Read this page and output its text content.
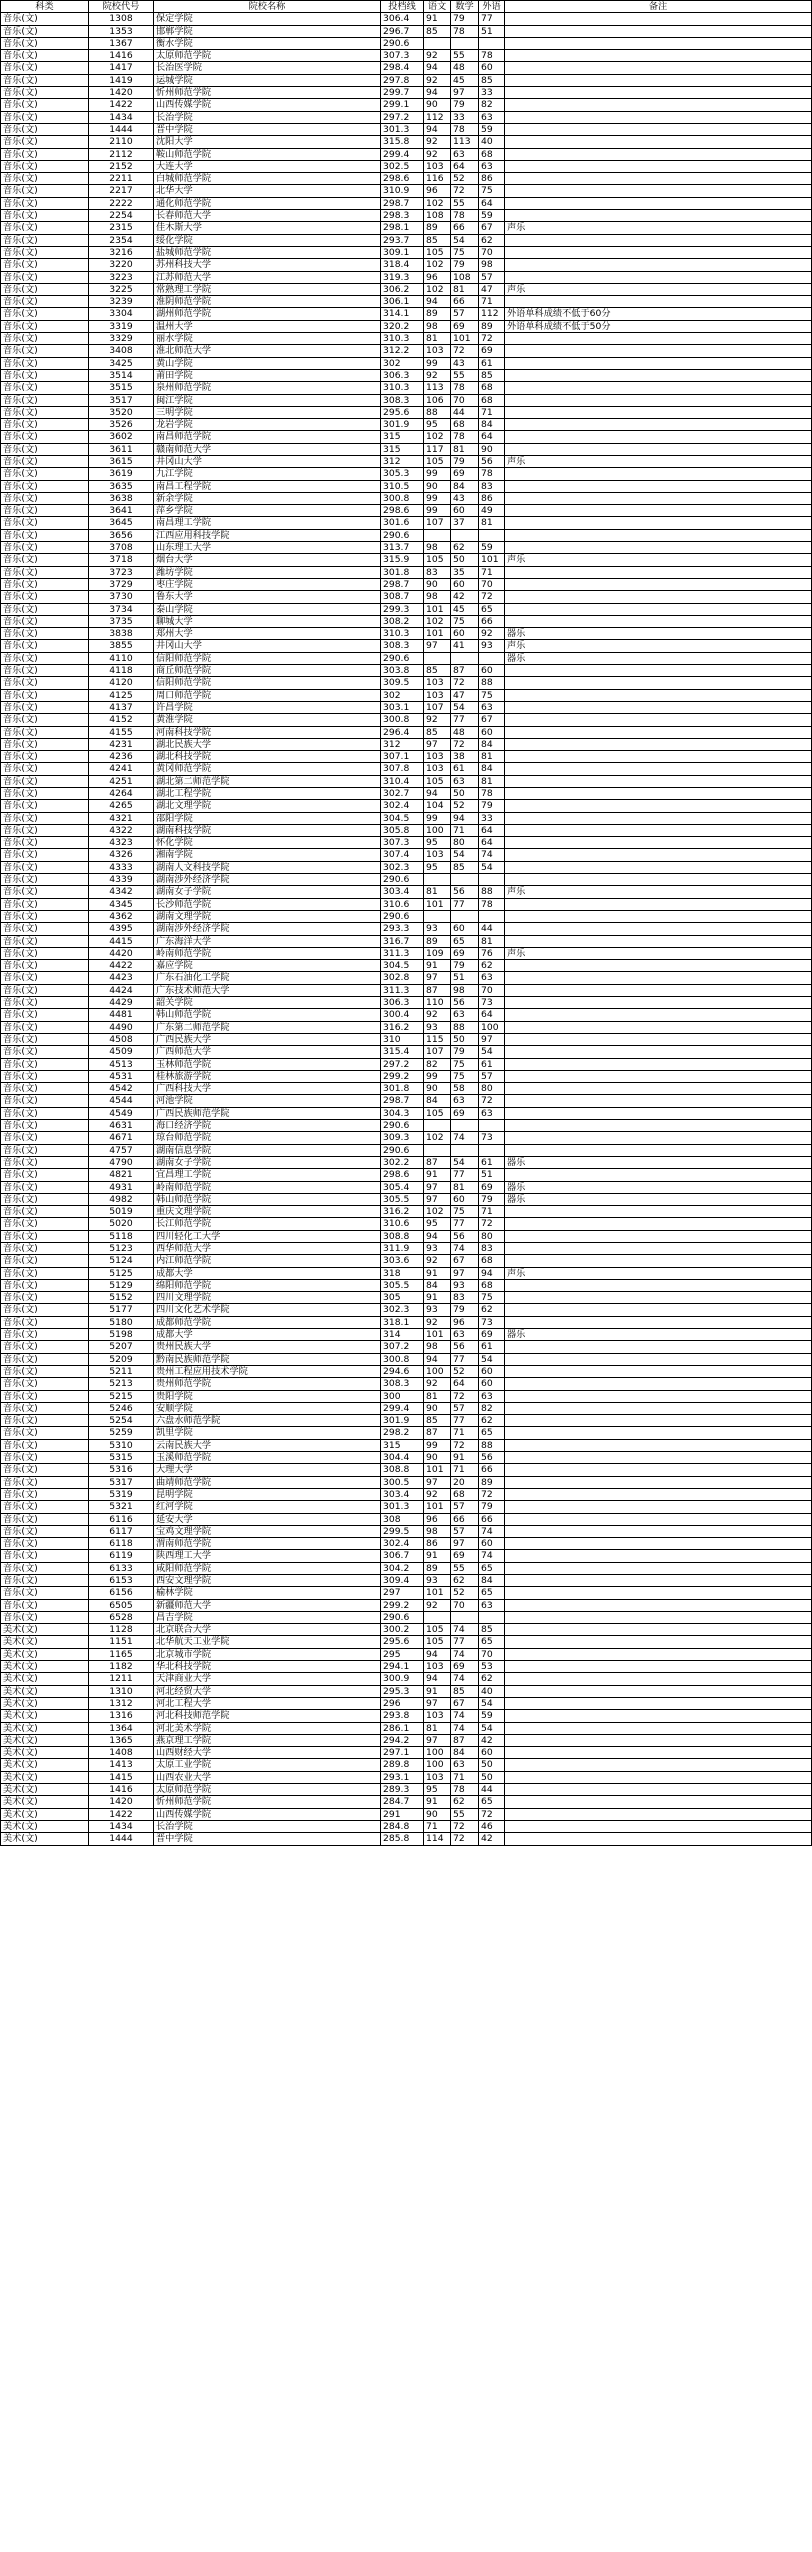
科类	院校代号	院校名称	投档线	语文	数学	外语	备注
音乐(文)	1308	保定学院	306.4	91	79	77	
音乐(文)	1353	邯郸学院	296.7	85	78	51	
音乐(文)	1367	衡水学院	290.6				
音乐(文)	1416	太原师范学院	307.3	92	55	78	
音乐(文)	1417	长治医学院	298.4	94	48	60	
音乐(文)	1419	运城学院	297.8	92	45	85	
音乐(文)	1420	忻州师范学院	299.7	94	97	33	
音乐(文)	1422	山西传媒学院	299.1	90	79	82	
音乐(文)	1434	长治学院	297.2	112	33	63	
音乐(文)	1444	晋中学院	301.3	94	78	59	
音乐(文)	2110	沈阳大学	315.8	92	113	40	
音乐(文)	2112	鞍山师范学院	299.4	92	63	68	
音乐(文)	2152	大连大学	302.5	103	64	63	
音乐(文)	2211	白城师范学院	298.6	116	52	86	
音乐(文)	2217	北华大学	310.9	96	72	75	
音乐(文)	2222	通化师范学院	298.7	102	55	64	
音乐(文)	2254	长春师范大学	298.3	108	78	59	
音乐(文)	2315	佳木斯大学	298.1	89	66	67	声乐
音乐(文)	2354	绥化学院	293.7	85	54	62	
音乐(文)	3216	盐城师范学院	309.1	105	75	70	
音乐(文)	3220	苏州科技大学	318.4	102	79	98	
音乐(文)	3223	江苏师范大学	319.3	96	108	57	
音乐(文)	3225	常熟理工学院	306.2	102	81	47	声乐
音乐(文)	3239	淮阴师范学院	306.1	94	66	71	
音乐(文)	3304	湖州师范学院	314.1	89	57	112	外语单科成绩不低于60分
音乐(文)	3319	温州大学	320.2	98	69	89	外语单科成绩不低于50分
音乐(文)	3329	丽水学院	310.3	81	101	72	
音乐(文)	3408	淮北师范大学	312.2	103	72	69	
音乐(文)	3425	黄山学院	302	99	43	61	
音乐(文)	3514	莆田学院	306.3	92	55	85	
音乐(文)	3515	泉州师范学院	310.3	113	78	68	
音乐(文)	3517	闽江学院	308.3	106	70	68	
音乐(文)	3520	三明学院	295.6	88	44	71	
音乐(文)	3526	龙岩学院	301.9	95	68	84	
音乐(文)	3602	南昌师范学院	315	102	78	64	
音乐(文)	3611	赣南师范大学	315	117	81	90	
音乐(文)	3615	井冈山大学	312	105	79	56	声乐
音乐(文)	3619	九江学院	305.3	99	69	78	
音乐(文)	3635	南昌工程学院	310.5	90	84	83	
音乐(文)	3638	新余学院	300.8	99	43	86	
音乐(文)	3641	萍乡学院	298.6	99	60	49	
音乐(文)	3645	南昌理工学院	301.6	107	37	81	
音乐(文)	3656	江西应用科技学院	290.6				
音乐(文)	3708	山东理工大学	313.7	98	62	59	
音乐(文)	3718	烟台大学	315.9	105	50	101	声乐
音乐(文)	3723	潍坊学院	301.8	83	35	71	
音乐(文)	3729	枣庄学院	298.7	90	60	70	
音乐(文)	3730	鲁东大学	308.7	98	42	72	
音乐(文)	3734	泰山学院	299.3	101	45	65	
音乐(文)	3735	聊城大学	308.2	102	75	66	
音乐(文)	3838	郑州大学	310.3	101	60	92	器乐
音乐(文)	3855	井冈山大学	308.3	97	41	93	声乐
音乐(文)	4110	信阳师范学院	290.6				器乐
音乐(文)	4118	商丘师范学院	303.8	85	87	60	
音乐(文)	4120	信阳师范学院	309.5	103	72	88	
音乐(文)	4125	周口师范学院	302	103	47	75	
音乐(文)	4137	许昌学院	303.1	107	54	63	
音乐(文)	4152	黄淮学院	300.8	92	77	67	
音乐(文)	4155	河南科技学院	296.4	85	48	60	
音乐(文)	4231	湖北民族大学	312	97	72	84	
音乐(文)	4236	湖北科技学院	307.1	103	38	81	
音乐(文)	4241	黄冈师范学院	307.8	103	61	84	
音乐(文)	4251	湖北第二师范学院	310.4	105	63	81	
音乐(文)	4264	湖北工程学院	302.7	94	50	78	
音乐(文)	4265	湖北文理学院	302.4	104	52	79	
音乐(文)	4321	邵阳学院	304.5	99	94	33	
音乐(文)	4322	湖南科技学院	305.8	100	71	64	
音乐(文)	4323	怀化学院	307.3	95	80	64	
音乐(文)	4326	湘南学院	307.4	103	54	74	
音乐(文)	4333	湖南人文科技学院	302.3	95	85	54	
音乐(文)	4339	湖南涉外经济学院	290.6				
音乐(文)	4342	湖南女子学院	303.4	81	56	88	声乐
音乐(文)	4345	长沙师范学院	310.6	101	77	78	
音乐(文)	4362	湖南文理学院	290.6				
音乐(文)	4395	湖南涉外经济学院	293.3	93	60	44	
音乐(文)	4415	广东海洋大学	316.7	89	65	81	
音乐(文)	4420	岭南师范学院	311.3	109	69	76	声乐
音乐(文)	4422	嘉应学院	304.5	91	79	62	
音乐(文)	4423	广东石油化工学院	302.8	97	51	63	
音乐(文)	4424	广东技术师范大学	311.3	87	98	70	
音乐(文)	4429	韶关学院	306.3	110	56	73	
音乐(文)	4481	韩山师范学院	300.4	92	63	64	
音乐(文)	4490	广东第二师范学院	316.2	93	88	100	
音乐(文)	4508	广西民族大学	310	115	50	97	
音乐(文)	4509	广西师范大学	315.4	107	79	54	
音乐(文)	4513	玉林师范学院	297.2	82	75	61	
音乐(文)	4531	桂林旅游学院	299.2	99	75	57	
音乐(文)	4542	广西科技大学	301.8	90	58	80	
音乐(文)	4544	河池学院	298.7	84	63	72	
音乐(文)	4549	广西民族师范学院	304.3	105	69	63	
音乐(文)	4631	海口经济学院	290.6				
音乐(文)	4671	琼台师范学院	309.3	102	74	73	
音乐(文)	4757	湖南信息学院	290.6				
音乐(文)	4790	湖南女子学院	302.2	87	54	61	器乐
音乐(文)	4821	宜昌理工学院	298.6	91	77	51	
音乐(文)	4931	岭南师范学院	305.4	97	81	69	器乐
音乐(文)	4982	韩山师范学院	305.5	97	60	79	器乐
音乐(文)	5019	重庆文理学院	316.2	102	75	71	
音乐(文)	5020	长江师范学院	310.6	95	77	72	
音乐(文)	5118	四川轻化工大学	308.8	94	56	80	
音乐(文)	5123	西华师范大学	311.9	93	74	83	
音乐(文)	5124	内江师范学院	303.6	92	67	68	
音乐(文)	5125	成都大学	318	91	97	94	声乐
音乐(文)	5129	绵阳师范学院	305.5	84	93	68	
音乐(文)	5152	四川文理学院	305	91	83	75	
音乐(文)	5177	四川文化艺术学院	302.3	93	79	62	
音乐(文)	5180	成都师范学院	318.1	92	96	73	
音乐(文)	5198	成都大学	314	101	63	69	器乐
音乐(文)	5207	贵州民族大学	307.2	98	56	61	
音乐(文)	5209	黔南民族师范学院	300.8	94	77	54	
音乐(文)	5211	贵州工程应用技术学院	294.6	100	52	60	
音乐(文)	5213	贵州师范学院	308.3	92	64	60	
音乐(文)	5215	贵阳学院	300	81	72	63	
音乐(文)	5246	安顺学院	299.4	90	57	82	
音乐(文)	5254	六盘水师范学院	301.9	85	77	62	
音乐(文)	5259	凯里学院	298.2	87	71	65	
音乐(文)	5310	云南民族大学	315	99	72	88	
音乐(文)	5315	玉溪师范学院	304.4	90	91	56	
音乐(文)	5316	大理大学	308.8	101	71	66	
音乐(文)	5317	曲靖师范学院	300.5	97	20	89	
音乐(文)	5319	昆明学院	303.4	92	68	72	
音乐(文)	5321	红河学院	301.3	101	57	79	
音乐(文)	6116	延安大学	308	96	66	66	
音乐(文)	6117	宝鸡文理学院	299.5	98	57	74	
音乐(文)	6118	渭南师范学院	302.4	86	97	60	
音乐(文)	6119	陕西理工大学	306.7	91	69	74	
音乐(文)	6133	咸阳师范学院	304.2	89	55	65	
音乐(文)	6153	西安文理学院	309.4	93	62	84	
音乐(文)	6156	榆林学院	297	101	52	65	
音乐(文)	6505	新疆师范大学	299.2	92	70	63	
音乐(文)	6528	昌吉学院	290.6				
美术(文)	1128	北京联合大学	300.2	105	74	85	
美术(文)	1151	北华航天工业学院	295.6	105	77	65	
美术(文)	1165	北京城市学院	295	94	74	70	
美术(文)	1182	华北科技学院	294.1	103	69	53	
美术(文)	1211	天津商业大学	300.9	94	74	62	
美术(文)	1310	河北经贸大学	295.3	91	85	40	
美术(文)	1312	河北工程大学	296	97	67	54	
美术(文)	1316	河北科技师范学院	293.8	103	74	59	
美术(文)	1364	河北美术学院	286.1	81	74	54	
美术(文)	1365	燕京理工学院	294.2	97	87	42	
美术(文)	1408	山西财经大学	297.1	100	84	60	
美术(文)	1413	太原工业学院	289.8	100	63	50	
美术(文)	1415	山西农业大学	293.1	103	71	50	
美术(文)	1416	太原师范学院	289.3	95	78	44	
美术(文)	1420	忻州师范学院	284.7	91	62	65	
美术(文)	1422	山西传媒学院	291	90	55	72	
美术(文)	1434	长治学院	284.8	71	72	46	
美术(文)	1444	晋中学院	285.8	114	72	42	
